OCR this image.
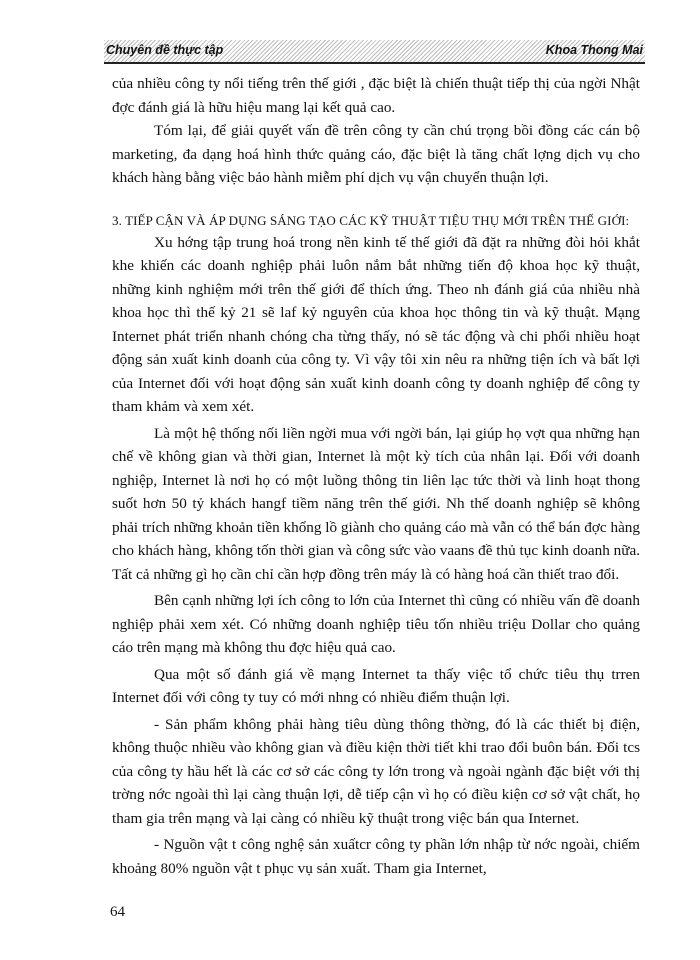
Chuyên đề thực tập	Khoa Thong Mai

của nhiều công ty nổi tiếng trên thế giới , đặc biệt là chiến thuật tiếp thị của ngời Nhật đợc đánh giá là hữu hiệu mang lại kết quả cao.

Tóm lại, để giải quyết vấn đề trên công ty cần chú trọng bồi đồng các cán bộ marketing, đa dạng hoá hình thức quảng cáo, đặc biệt là tăng chất lợng dịch vụ cho khách hàng bằng việc bảo hành miễm phí dịch vụ vận chuyển thuận lợi.

3. TIẾP CẬN VÀ ÁP DỤNG SÁNG TẠO CÁC KỸ THUẬT TIỆU THỤ MỚI TRÊN THẾ GIỚI:

Xu hớng tập trung hoá trong nền kinh tế thế giới đã đặt ra những đòi hỏi khắt khe khiến các doanh nghiệp phải luôn nắm bắt những tiến độ khoa học kỹ thuật, những kinh nghiệm mới trên thế giới để thích ứng. Theo nh đánh giá của nhiều nhà khoa học thì thế kỷ 21 sẽ laf kỷ nguyên của khoa học thông tin và kỹ thuật. Mạng Internet phát triển nhanh chóng cha từng thấy, nó sẽ tác động và chi phối nhiều hoạt động sản xuất kinh doanh của công ty. Vì vậy tôi xin nêu ra những tiện ích và bất lợi của Internet đối với hoạt động sản xuất kinh doanh công ty doanh nghiệp để công ty tham khảm và xem xét.

Là một hệ thống nối liền ngời mua với ngời bán, lại giúp họ vợt qua những hạn chế về không gian và thời gian, Internet là một kỳ tích của nhân lại. Đối với doanh nghiệp, Internet là nơi họ có một luồng thông tin liên lạc tức thời và linh hoạt thong suốt hơn 50 tỷ khách hangf tiềm năng trên thế giới. Nh thế doanh nghiệp sẽ không phải trích những khoản tiền khổng lồ giành cho quảng cáo mà vẫn có thể bán đợc hàng cho khách hàng, không tốn thời gian và công sức vào vaans đề thủ tục kinh doanh nữa. Tất cả những gì họ cần chỉ cần hợp đồng trên máy là có hàng hoá cần thiết trao đổi.

Bên cạnh những lợi ích công to lớn của Internet thì cũng có nhiều vấn đề doanh nghiệp phải xem xét. Có những doanh nghiệp tiêu tốn nhiều triệu Dollar cho quảng cáo trên mạng mà không thu đợc hiệu quả cao.

Qua một số đánh giá về mạng Internet ta thấy việc tổ chức tiêu thụ trren Internet đối với công ty tuy có mới nhng có nhiều điểm thuận lợi.

- Sản phẩm không phải hàng tiêu dùng thông thờng, đó là các thiết bị điện, không thuộc nhiều vào không gian và điều kiện thời tiết khi trao đổi buôn bán. Đối tcs của công ty hầu hết là các cơ sở các công ty lớn trong và ngoài ngành đặc biệt với thị trờng nớc ngoài thì lại càng thuận lợi, dễ tiếp cận vì họ có điều kiện cơ sở vật chất, họ tham gia trên mạng và lại càng có nhiều kỹ thuật trong việc bán qua Internet.

- Nguồn vật t công nghệ sản xuấtcr công ty phần lớn nhập từ nớc ngoài, chiếm khoảng 80% nguồn vật t phục vụ sản xuất. Tham gia Internet,

64
